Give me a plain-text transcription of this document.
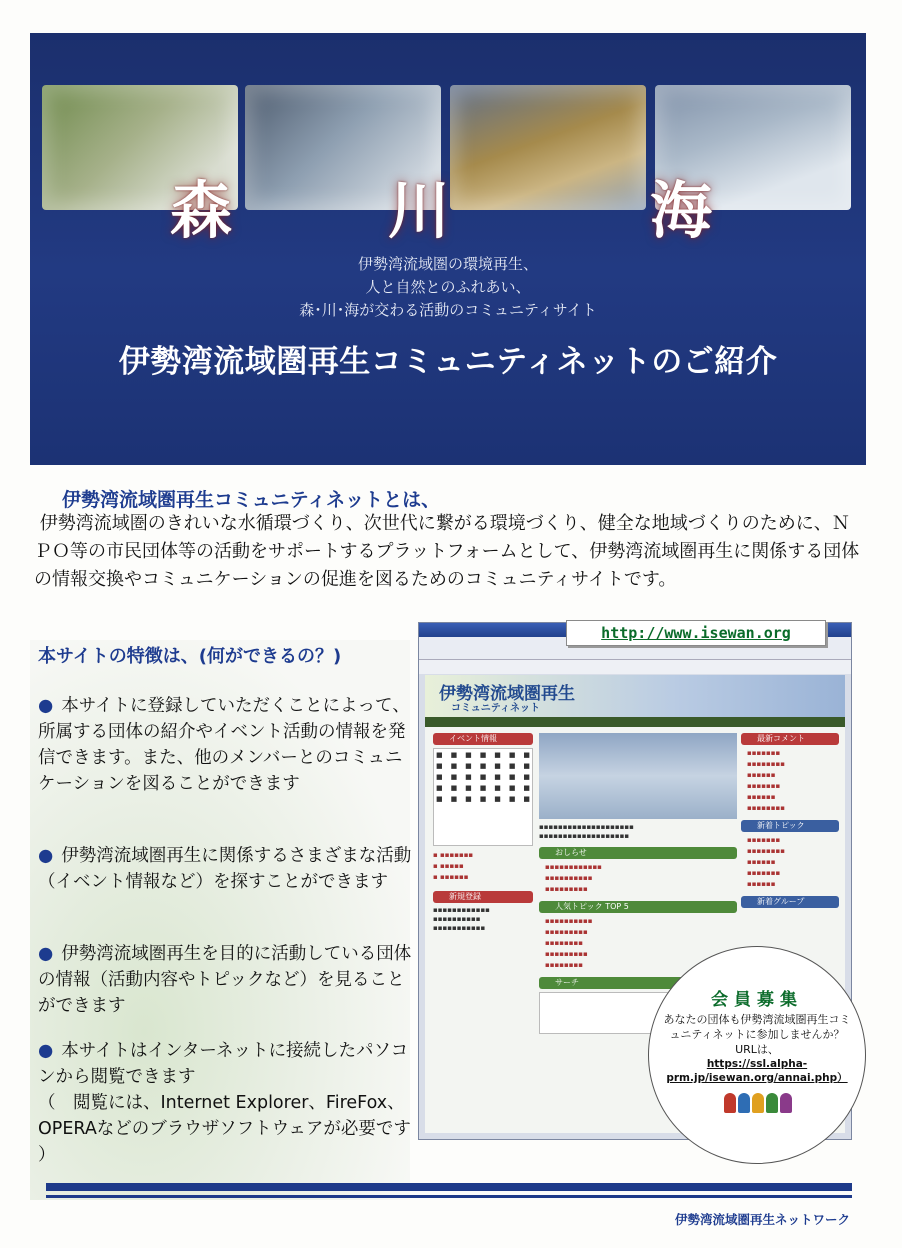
森	川	海
伊勢湾流域圏の環境再生、
人と自然とのふれあい、
森･川･海が交わる活動のコミュニティサイト
伊勢湾流域圏再生コミュニティネットのご紹介
伊勢湾流域圏再生コミュニティネットとは、
伊勢湾流域圏のきれいな水循環づくり、次世代に繋がる環境づくり、健全な地域づくりのために、ＮＰＯ等の市民団体等の活動をサポートするプラットフォームとして、伊勢湾流域圏再生に関係する団体の情報交換やコミュニケーションの促進を図るためのコミュニティサイトです。
本サイトの特徴は、(何ができるの？)
● 本サイトに登録していただくことによって、所属する団体の紹介やイベント活動の情報を発信できます。また、他のメンバーとのコミュニケーションを図ることができます
● 伊勢湾流域圏再生に関係するさまざまな活動（イベント情報など）を探すことができます
● 伊勢湾流域圏再生を目的に活動している団体の情報（活動内容やトピックなど）を見ることができます
● 本サイトはインターネットに接続したパソコンから閲覧できます
（　閲覧には、Internet Explorer、FireFox、OPERAなどのブラウザソフトウェアが必要です ）
伊勢湾流域圏再生
コミュニティネット
イベント情報
■ ■ ■ ■ ■ ■ ■
■ ■ ■ ■ ■ ■ ■
■ ■ ■ ■ ■ ■ ■
■ ■ ■ ■ ■ ■ ■
■ ■ ■ ■ ■ ■ ■
▪ ▪▪▪▪▪▪▪
▪ ▪▪▪▪▪
▪ ▪▪▪▪▪▪
新規登録
▪▪▪▪▪▪▪▪▪▪▪▪
▪▪▪▪▪▪▪▪▪▪
▪▪▪▪▪▪▪▪▪▪▪
▪▪▪▪▪▪▪▪▪▪▪▪▪▪▪▪▪▪▪▪
▪▪▪▪▪▪▪▪▪▪▪▪▪▪▪▪▪▪▪
おしらせ
▪▪▪▪▪▪▪▪▪▪▪▪
▪▪▪▪▪▪▪▪▪▪
▪▪▪▪▪▪▪▪▪
人気トピック TOP 5
▪▪▪▪▪▪▪▪▪▪
▪▪▪▪▪▪▪▪▪
▪▪▪▪▪▪▪▪
▪▪▪▪▪▪▪▪▪
▪▪▪▪▪▪▪▪
サーチ
最新コメント
▪▪▪▪▪▪▪
▪▪▪▪▪▪▪▪
▪▪▪▪▪▪
▪▪▪▪▪▪▪
▪▪▪▪▪▪
▪▪▪▪▪▪▪▪
新着トピック
▪▪▪▪▪▪▪
▪▪▪▪▪▪▪▪
▪▪▪▪▪▪
▪▪▪▪▪▪▪
▪▪▪▪▪▪
新着グループ
http://www.isewan.org
会員募集
あなたの団体も伊勢湾流域圏再生コミュニティネットに参加しませんか？URLは、
https://ssl.alpha-prm.jp/isewan.org/annai.php）
伊勢湾流域圏再生ネットワーク
